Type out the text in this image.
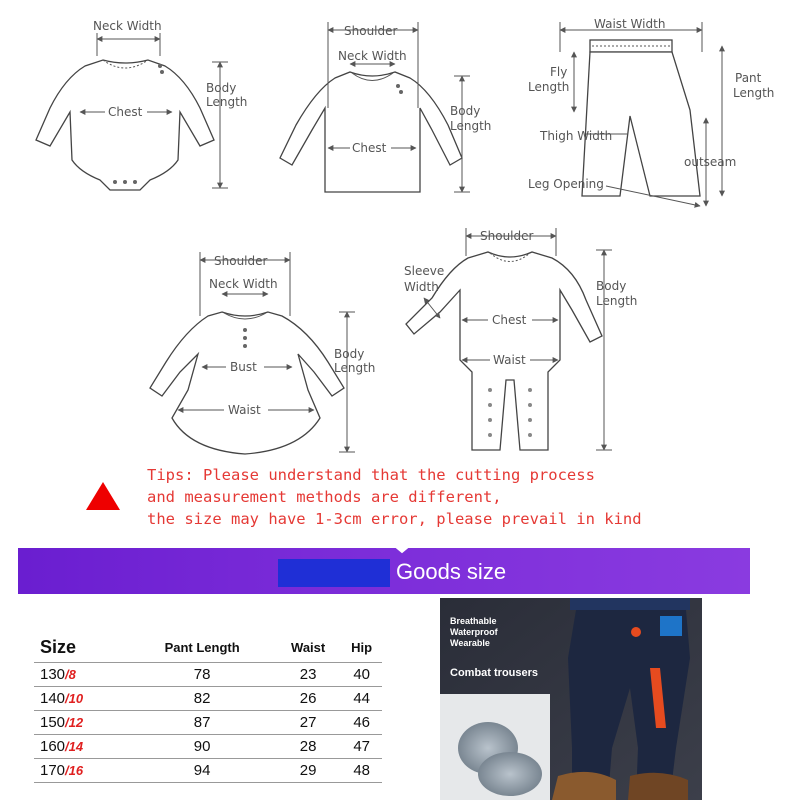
Neck Width
Body
Length
Chest
Shoulder
Neck Width
Body
Length
Chest
Waist Width
Fly
Length
Pant
Length
Thigh Width
outseam
Leg Opening
Shoulder
Neck Width
Bust
Waist
Body
Length
Shoulder
Sleeve
Width
Chest
Waist
Body
Length
Tips: Please understand that the cutting process
and measurement methods are different,
the size may have 1-3cm error, please prevail in kind
Goods size
Size	Pant Length	Waist	Hip
130/8	78	23	40
140/10	82	26	44
150/12	87	27	46
160/14	90	28	47
170/16	94	29	48
Breathable
Waterproof
Wearable
Combat trousers
